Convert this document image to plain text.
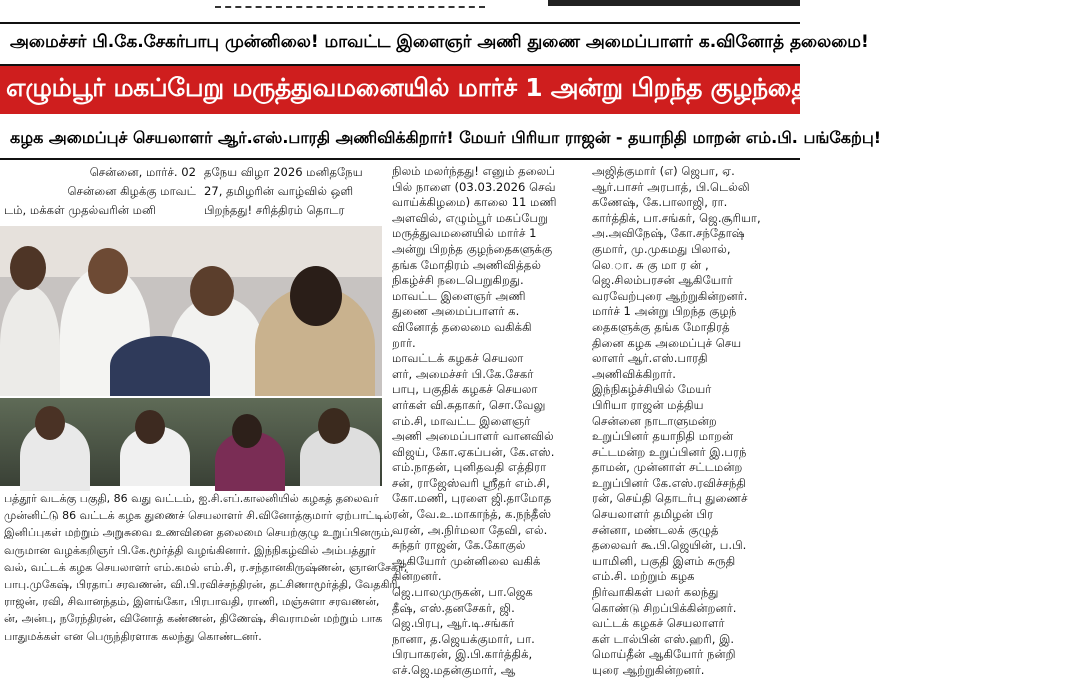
அமைச்சர் பி.கே.சேகர்பாபு முன்னிலை! மாவட்ட இளைஞர் அணி துணை அமைப்பாளர் க.வினோத் தலைமை!
எழும்பூர் மகப்பேறு மருத்துவமனையில் மார்ச் 1 அன்று பிறந்த குழந்தைகளுக்கு தங்க மோதிரம்!
கழக அமைப்புச் செயலாளர் ஆர்.எஸ்.பாரதி அணிவிக்கிறார்! மேயர் பிரியா ராஜன் - தயாநிதி மாறன் எம்.பி. பங்கேற்பு!

சென்னை, மார்ச். 02

சென்னை கிழக்கு மாவட்

டம், மக்கள் முதல்வரின் மனி

தநேய விழா 2026 மனிதநேய

27, தமிழரின் வாழ்வில் ஒளி

பிறந்தது! சரித்திரம் தொடர

பத்தூர் வடக்கு பகுதி, 86 வது வட்டம், ஐ.சி.எப்.காலனியில் கழகத் தலைவர்

முன்னிட்டு 86 வட்டக் கழக துணைச் செயலாளர் சி.வினோத்குமார் ஏற்பாட்டில்

இனிப்புகள் மற்றும் அறுசுவை உணவினை தலைமை செயற்குழு உறுப்பினரும்,

வருமான வழக்கறிஞர் பி.கே.மூர்த்தி வழங்கினார். இந்நிகழ்வில் அம்பத்தூர்

வல், வட்டக் கழக செயலாளர் எம்.கமல் எம்.சி, ர.சந்தானகிருஷ்ணன், ஞானசேகர்,

பாபு.முகேஷ், பிரதாப் சரவணன், வி.பி.ரவிச்சந்திரன், தட்சிணாமூர்த்தி, வேதகிரி,

ராஜன், ரவி, சிவானந்தம், இளங்கோ, பிரபாவதி, ராணி, மஞ்சுளா சரவணன்,

ன், அன்பு, நரேந்திரன், வினோத் கண்ணன், திணேஷ், சிவராமன் மற்றும் பாக

பாதுமக்கள் என பெருந்திரளாக கலந்து கொண்டனர்.

நிலம் மலர்ந்தது! எனும் தலைப்

பில் நாளை (03.03.2026 செவ்

வாய்க்கிழமை) காலை 11 மணி

அளவில், எழும்பூர் மகப்பேறு

மருத்துவமனையில் மார்ச் 1

அன்று பிறந்த குழந்தைகளுக்கு

தங்க மோதிரம் அணிவித்தல்

நிகழ்ச்சி நடைபெறுகிறது.

மாவட்ட இளைஞர் அணி

துணை அமைப்பாளர் க.

வினோத் தலைமை வகிக்கி

றார்.

மாவட்டக் கழகச் செயலா

ளர், அமைச்சர் பி.கே.சேகர்

பாபு, பகுதிக் கழகச் செயலா

ளர்கள் வி.சுதாகர், சொ.வேலு

எம்.சி, மாவட்ட இளைஞர்

அணி அமைப்பாளர் வானவில்

விஜய், கோ.ஏகப்பன், கே.எஸ்.

எம்.நாதன், புனிதவதி எத்திரா

சன், ராஜேஸ்வரி ஸ்ரீதர் எம்.சி,

கோ.மணி, புரளை ஜி.தாமோத

ரன், வே.உ.மாகாந்த், க.நந்தீஸ்

வரன், அ.நிர்மலா தேவி, எல்.

சுந்தர் ராஜன், கே.கோகுல்

ஆகியோர் முன்னிலை வகிக்

கின்றனர்.

ஜெ.பாலமுருகன், பா.ஜெக

தீஷ், எஸ்.தனசேகர், ஜி.

ஜெ.பிரபு, ஆர்.டி.சங்கர்

நானா, த.ஜெயக்குமார், பா.

பிரபாகரன், இ.பி.கார்த்திக்,

எச்.ஜெ.மதன்குமார், ஆ

அஜித்குமார் (எ) ஜெபா, ஏ.

ஆர்.பாசர் அரபாத், பி.டெல்லி

கணேஷ், கே.பாலாஜி, ரா.

கார்த்திக், பா.சங்கர், ஜெ.சூரியா,

அ.அவிநேஷ், கோ.சந்தோஷ்

குமார், மு.முகமது பிலால்,

லெ.ா. சு கு மா ர ன் ,

ஜெ.சிலம்பரசன் ஆகியோர்

வரவேற்புரை ஆற்றுகின்றனர்.

மார்ச் 1 அன்று பிறந்த குழந்

தைகளுக்கு தங்க மோதிரத்

தினை கழக அமைப்புச் செய

லாளர் ஆர்.எஸ்.பாரதி

அணிவிக்கிறார்.

இந்நிகழ்ச்சியில் மேயர்

பிரியா ராஜன் மத்திய

சென்னை நாடாளுமன்ற

உறுப்பினர் தயாநிதி மாறன்

சட்டமன்ற உறுப்பினர் இ.பரந்

தாமன், முன்னாள் சட்டமன்ற

உறுப்பினர் கே.எஸ்.ரவிச்சந்தி

ரன், செய்தி தொடர்பு துணைச்

செயலாளர் தமிழன் பிர

சன்னா, மண்டலக் குழுத்

தலைவர் கூ.பி.ஜெயின், ப.பி.

யாமினி, பகுதி இளம் சுருதி

எம்.சி. மற்றும் கழக

நிர்வாகிகள் பலர் கலந்து

கொண்டு சிறப்பிக்கின்றனர்.

வட்டக் கழகச் செயலாளர்

கள் டால்பின் எஸ்.ஹரி, இ.

மொய்தீன் ஆகியோர் நன்றி

யுரை ஆற்றுகின்றனர்.
